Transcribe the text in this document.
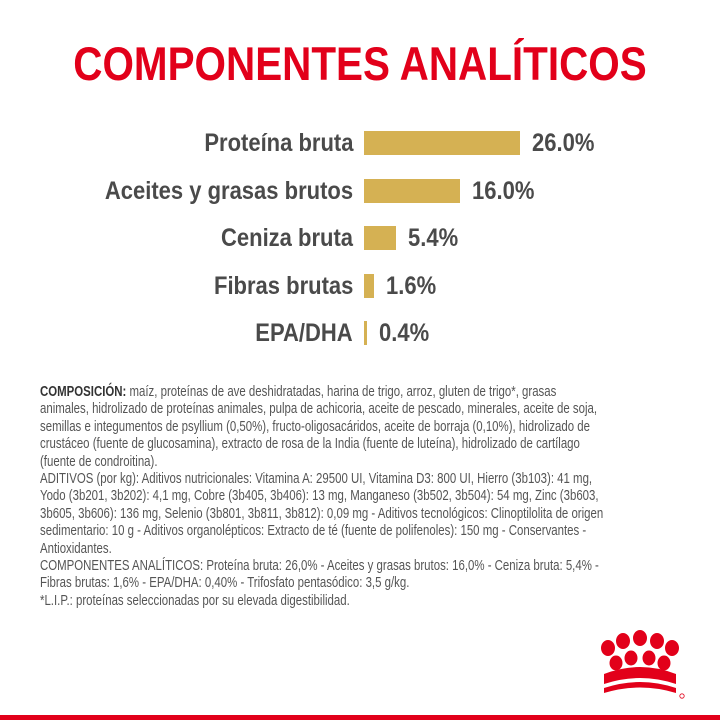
COMPONENTES ANALÍTICOS
Proteína bruta	26.0%
Aceites y grasas brutos	16.0%
Ceniza bruta 5.4%
Fibras brutas 1.6%
EPA/DHA 0.4%

COMPOSICIÓN: maíz, proteínas de ave deshidratadas, harina de trigo, arroz, gluten de trigo*, grasas

animales, hidrolizado de proteínas animales, pulpa de achicoria, aceite de pescado, minerales, aceite de soja,

semillas e integumentos de psyllium (0,50%), fructo-oligosacáridos, aceite de borraja (0,10%), hidrolizado de

crustáceo (fuente de glucosamina), extracto de rosa de la India (fuente de luteína), hidrolizado de cartílago

(fuente de condroitina).

ADITIVOS (por kg): Aditivos nutricionales: Vitamina A: 29500 UI, Vitamina D3: 800 UI, Hierro (3b103): 41 mg,

Yodo (3b201, 3b202): 4,1 mg, Cobre (3b405, 3b406): 13 mg, Manganeso (3b502, 3b504): 54 mg, Zinc (3b603,

3b605, 3b606): 136 mg, Selenio (3b801, 3b811, 3b812): 0,09 mg - Aditivos tecnológicos: Clinoptilolita de origen

sedimentario: 10 g - Aditivos organolépticos: Extracto de té (fuente de polifenoles): 150 mg - Conservantes -

Antioxidantes.

COMPONENTES ANALÍTICOS: Proteína bruta: 26,0% - Aceites y grasas brutos: 16,0% - Ceniza bruta: 5,4% -

Fibras brutas: 1,6% - EPA/DHA: 0,40% - Trifosfato pentasódico: 3,5 g/kg.

*L.I.P.: proteínas seleccionadas por su elevada digestibilidad.
